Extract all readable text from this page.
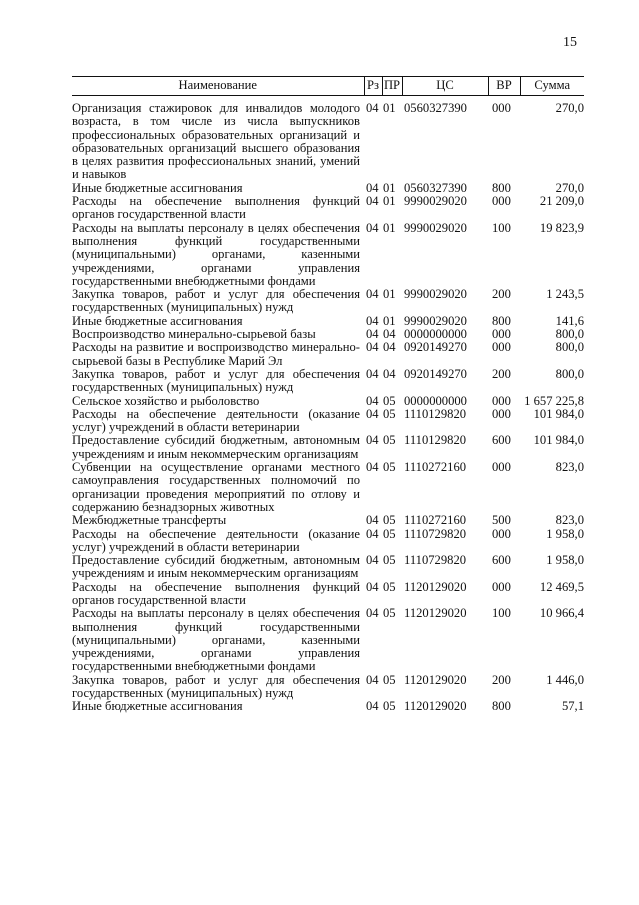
15
Наименование	Рз	ПР	ЦС	ВР	Сумма
Организация стажировок для инвалидов молодого возраста, в том числе из числа выпускников профессиональных образовательных организаций и образовательных организаций высшего образования в целях развития профессиональных знаний, умений и навыков	04	01	0560327390	000	270,0
Иные бюджетные ассигнования	04	01	0560327390	800	270,0
Расходы на обеспечение выполнения функций органов государственной власти	04	01	9990029020	000	21 209,0
Расходы на выплаты персоналу в целях обеспечения выполнения функций государственными (муниципальными) органами, казенными учреждениями, органами управления государственными внебюджетными фондами	04	01	9990029020	100	19 823,9
Закупка товаров, работ и услуг для обеспечения государственных (муниципальных) нужд	04	01	9990029020	200	1 243,5
Иные бюджетные ассигнования	04	01	9990029020	800	141,6
Воспроизводство минерально-сырьевой базы	04	04	0000000000	000	800,0
Расходы на развитие и воспроизводство минерально-сырьевой базы в Республике Марий Эл	04	04	0920149270	000	800,0
Закупка товаров, работ и услуг для обеспечения государственных (муниципальных) нужд	04	04	0920149270	200	800,0
Сельское хозяйство и рыболовство	04	05	0000000000	000	1 657 225,8
Расходы на обеспечение деятельности (оказание услуг) учреждений в области ветеринарии	04	05	1110129820	000	101 984,0
Предоставление субсидий бюджетным, автономным учреждениям и иным некоммерческим организациям	04	05	1110129820	600	101 984,0
Субвенции на осуществление органами местного самоуправления государственных полномочий по организации проведения мероприятий по отлову и содержанию безнадзорных животных	04	05	1110272160	000	823,0
Межбюджетные трансферты	04	05	1110272160	500	823,0
Расходы на обеспечение деятельности (оказание услуг) учреждений в области ветеринарии	04	05	1110729820	000	1 958,0
Предоставление субсидий бюджетным, автономным учреждениям и иным некоммерческим организациям	04	05	1110729820	600	1 958,0
Расходы на обеспечение выполнения функций органов государственной власти	04	05	1120129020	000	12 469,5
Расходы на выплаты персоналу в целях обеспечения выполнения функций государственными (муниципальными) органами, казенными учреждениями, органами управления государственными внебюджетными фондами	04	05	1120129020	100	10 966,4
Закупка товаров, работ и услуг для обеспечения государственных (муниципальных) нужд	04	05	1120129020	200	1 446,0
Иные бюджетные ассигнования	04	05	1120129020	800	57,1
